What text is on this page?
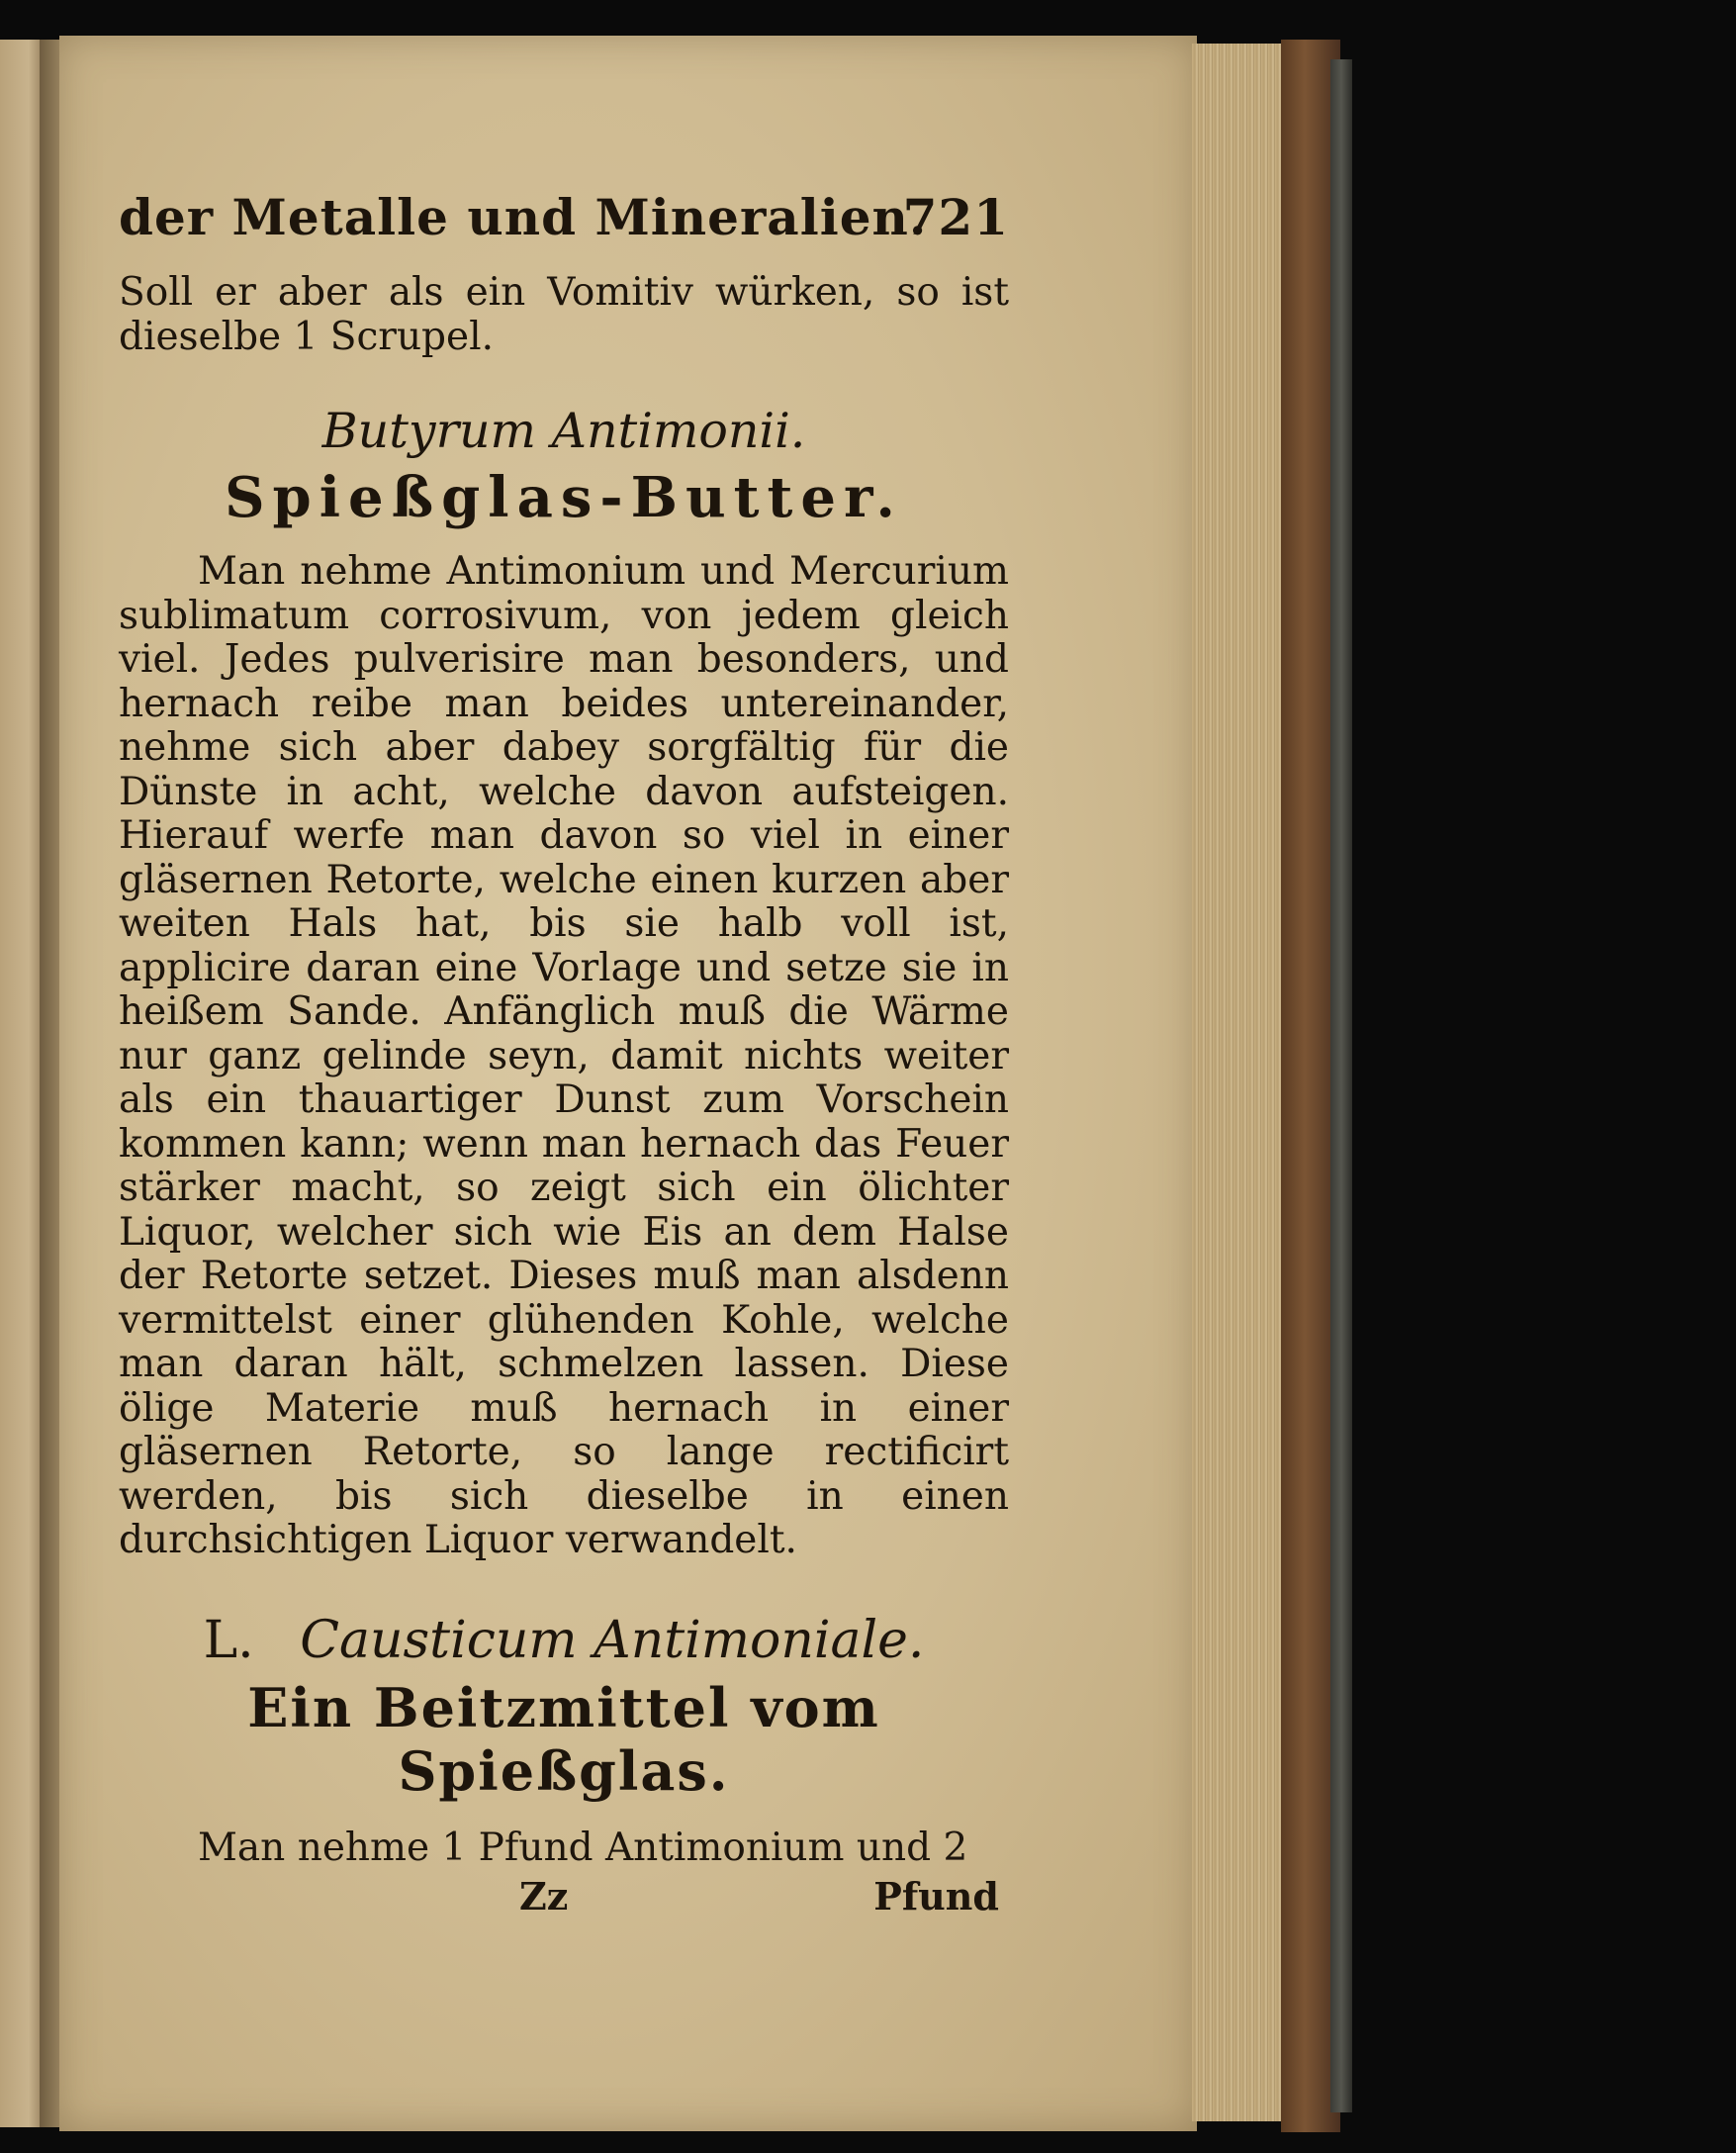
der Metalle und Mineralien.
721

Soll er aber als ein Vomitiv würken, so ist dieselbe 1 Scrupel.

Butyrum Antimonii.
Spießglas-Butter.

Man nehme Antimonium und Mercurium sublimatum corrosivum, von jedem gleich viel. Jedes pulverisire man besonders, und hernach reibe man beides untereinander, nehme sich aber dabey sorgfältig für die Dünste in acht, welche davon aufsteigen. Hierauf werfe man davon so viel in einer gläsernen Retorte, welche einen kurzen aber weiten Hals hat, bis sie halb voll ist, applicire daran eine Vorlage und setze sie in heißem Sande. Anfänglich muß die Wärme nur ganz gelinde seyn, damit nichts weiter als ein thauartiger Dunst zum Vorschein kommen kann; wenn man hernach das Feuer stärker macht, so zeigt sich ein ölichter Liquor, welcher sich wie Eis an dem Halse der Retorte setzet. Dieses muß man alsdenn vermittelst einer glühenden Kohle, welche man daran hält, schmelzen lassen. Diese ölige Materie muß hernach in einer gläsernen Retorte, so lange rectificirt werden, bis sich dieselbe in einen durchsichtigen Liquor verwandelt.

L. Causticum Antimoniale.
Ein Beitzmittel vom Spießglas.

Man nehme 1 Pfund Antimonium und 2

Zz	Pfund
